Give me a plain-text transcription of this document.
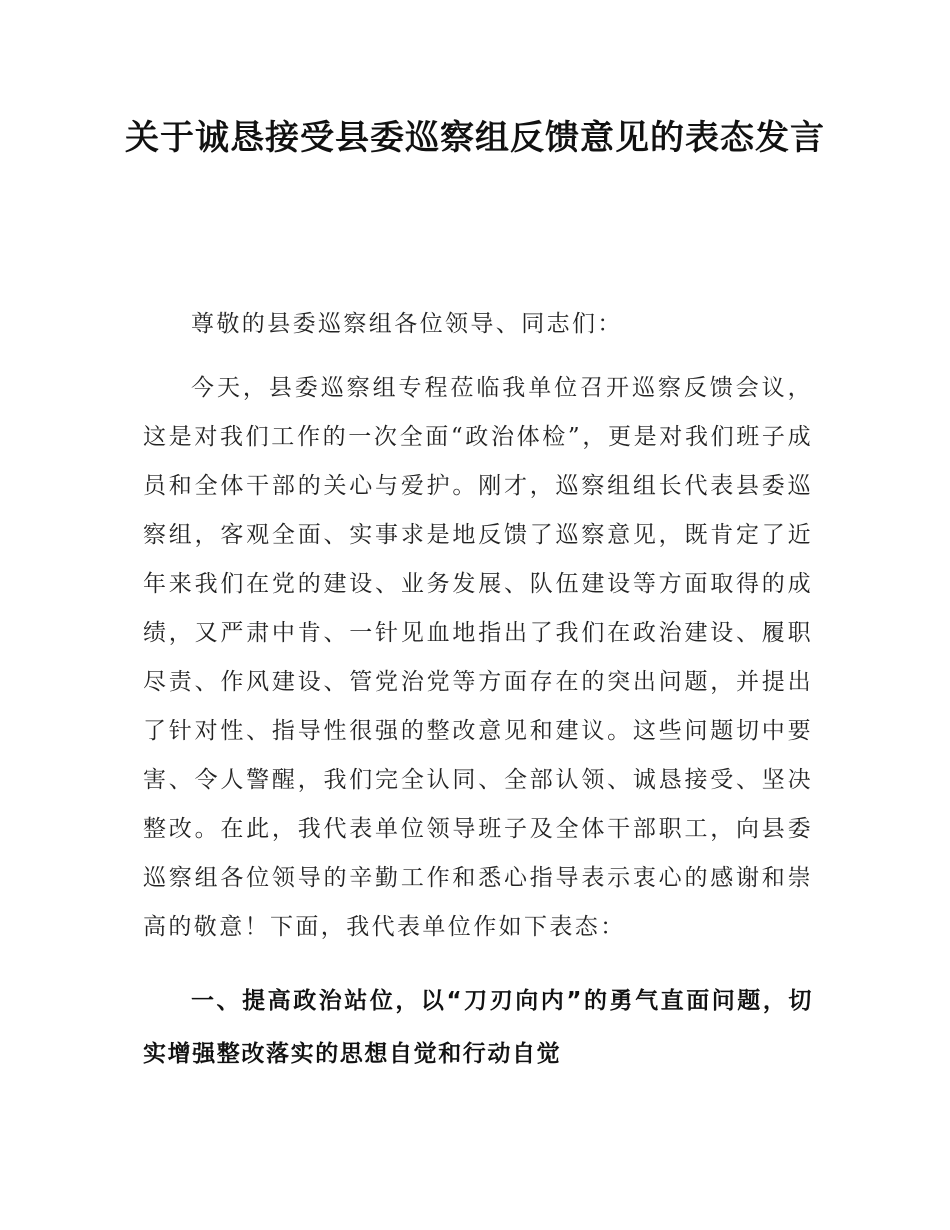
关于诚恳接受县委巡察组反馈意见的表态发言

尊敬的县委巡察组各位领导、同志们：

今天，县委巡察组专程莅临我单位召开巡察反馈会议，这是对我们工作的一次全面“政治体检”，更是对我们班子成员和全体干部的关心与爱护。刚才，巡察组组长代表县委巡察组，客观全面、实事求是地反馈了巡察意见，既肯定了近年来我们在党的建设、业务发展、队伍建设等方面取得的成绩，又严肃中肯、一针见血地指出了我们在政治建设、履职尽责、作风建设、管党治党等方面存在的突出问题，并提出了针对性、指导性很强的整改意见和建议。这些问题切中要害、令人警醒，我们完全认同、全部认领、诚恳接受、坚决整改。在此，我代表单位领导班子及全体干部职工，向县委巡察组各位领导的辛勤工作和悉心指导表示衷心的感谢和崇高的敬意！下面，我代表单位作如下表态：

一、提高政治站位，以“刀刃向内”的勇气直面问题，切实增强整改落实的思想自觉和行动自觉
